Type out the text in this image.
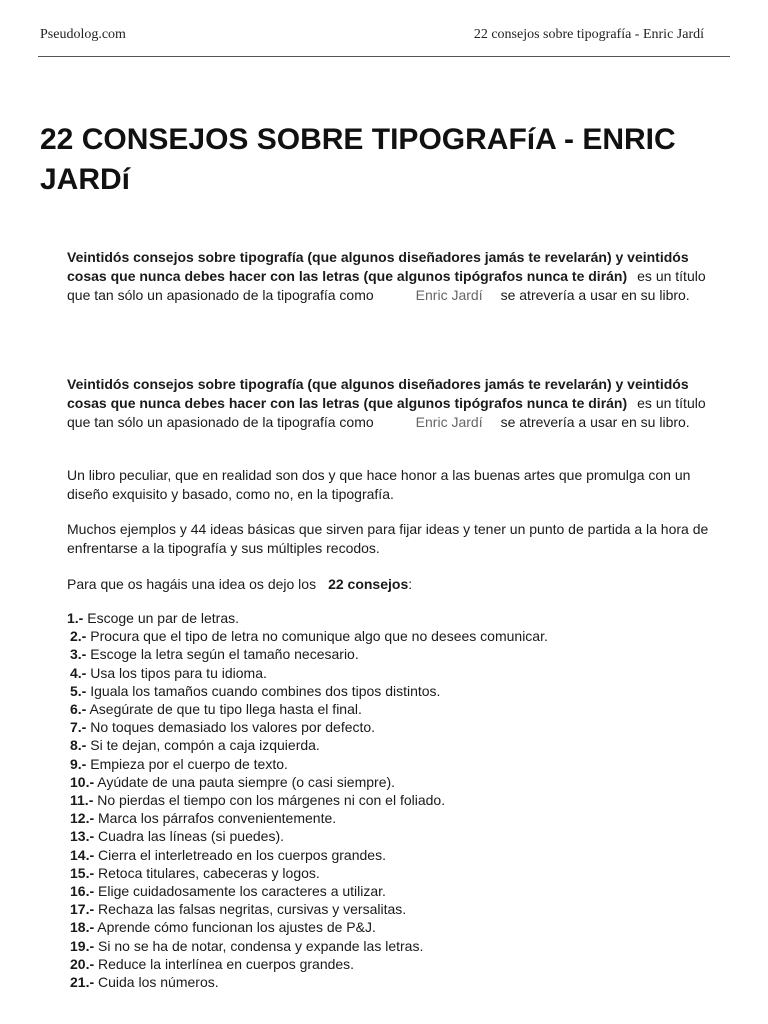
Pseudolog.com	22 consejos sobre tipografía - Enric Jardí
22 CONSEJOS SOBRE TIPOGRAFíA - ENRIC JARDí

Veintidós consejos sobre tipografía (que algunos diseñadores jamás te revelarán) y veintidós cosas que nunca debes hacer con las letras (que algunos tipógrafos nunca te dirán) es un título que tan sólo un apasionado de la tipografía como	Enric Jardí se atrevería a usar en su libro.

Veintidós consejos sobre tipografía (que algunos diseñadores jamás te revelarán) y veintidós cosas que nunca debes hacer con las letras (que algunos tipógrafos nunca te dirán) es un título que tan sólo un apasionado de la tipografía como	Enric Jardí se atrevería a usar en su libro.

Un libro peculiar, que en realidad son dos y que hace honor a las buenas artes que promulga con un diseño exquisito y basado, como no, en la tipografía.

Muchos ejemplos y 44 ideas básicas que sirven para fijar ideas y tener un punto de partida a la hora de enfrentarse a la tipografía y sus múltiples recodos.

Para que os hagáis una idea os dejo los 22 consejos:

1.- Escoge un par de letras.
2.- Procura que el tipo de letra no comunique algo que no desees comunicar.
3.- Escoge la letra según el tamaño necesario.
4.- Usa los tipos para tu idioma.
5.- Iguala los tamaños cuando combines dos tipos distintos.
6.- Asegúrate de que tu tipo llega hasta el final.
7.- No toques demasiado los valores por defecto.
8.- Si te dejan, compón a caja izquierda.
9.- Empieza por el cuerpo de texto.
10.- Ayúdate de una pauta siempre (o casi siempre).
11.- No pierdas el tiempo con los márgenes ni con el foliado.
12.- Marca los párrafos convenientemente.
13.- Cuadra las líneas (si puedes).
14.- Cierra el interletreado en los cuerpos grandes.
15.- Retoca titulares, cabeceras y logos.
16.- Elige cuidadosamente los caracteres a utilizar.
17.- Rechaza las falsas negritas, cursivas y versalitas.
18.- Aprende cómo funcionan los ajustes de P&J.
19.- Si no se ha de notar, condensa y expande las letras.
20.- Reduce la interlínea en cuerpos grandes.
21.- Cuida los números.
